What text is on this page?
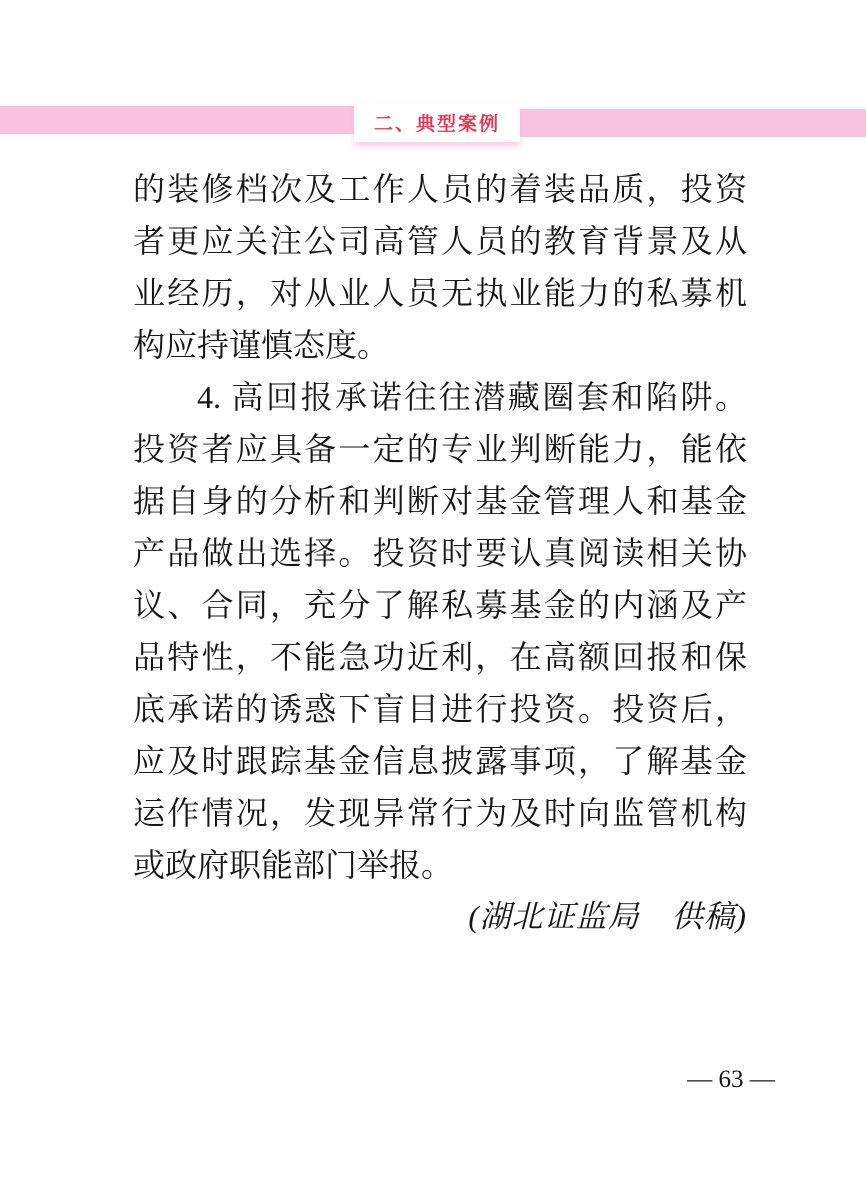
二、典型案例
的装修档次及工作人员的着装品质，投资
者更应关注公司高管人员的教育背景及从
业经历，对从业人员无执业能力的私募机
构应持谨慎态度。
4. 高回报承诺往往潜藏圈套和陷阱。
投资者应具备一定的专业判断能力，能依
据自身的分析和判断对基金管理人和基金
产品做出选择。投资时要认真阅读相关协
议、合同，充分了解私募基金的内涵及产
品特性，不能急功近利，在高额回报和保
底承诺的诱惑下盲目进行投资。投资后，
应及时跟踪基金信息披露事项，了解基金
运作情况，发现异常行为及时向监管机构
或政府职能部门举报。
(湖北证监局　供稿)
— 63 —
